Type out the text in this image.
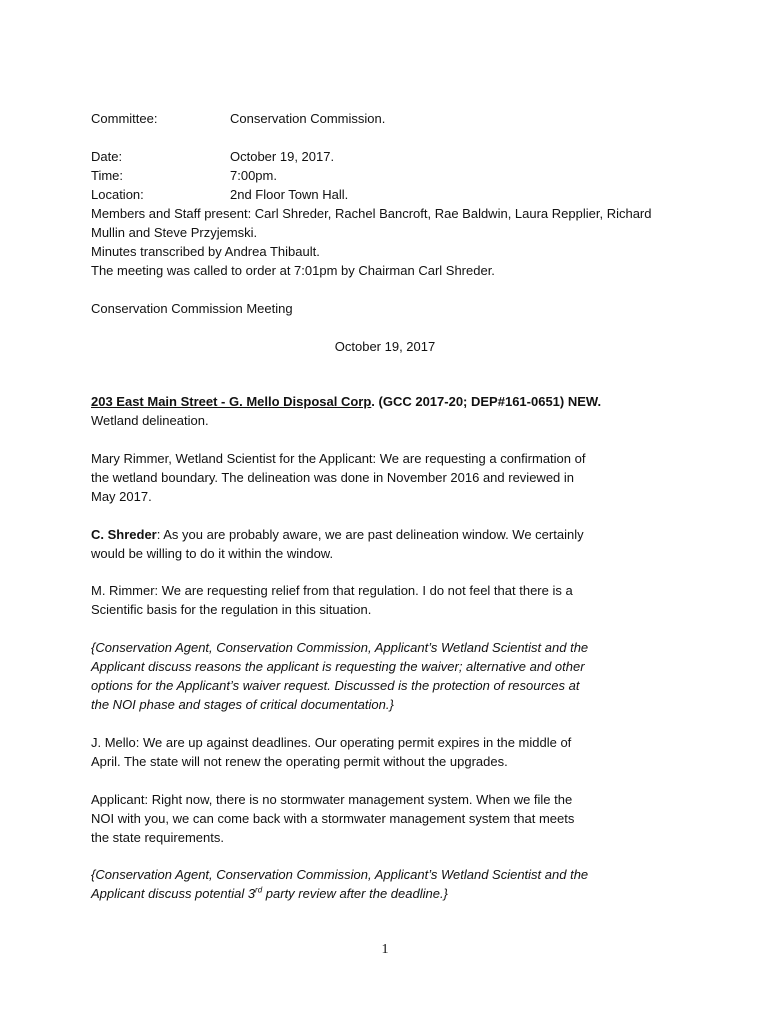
Committee:	Conservation Commission.
Date:	October 19, 2017.
Time:	7:00pm.
Location:	2nd Floor Town Hall.
Members and Staff present: Carl Shreder, Rachel Bancroft, Rae Baldwin, Laura Repplier, Richard
Mullin and Steve Przyjemski.
Minutes transcribed by Andrea Thibault.
The meeting was called to order at 7:01pm by Chairman Carl Shreder.
Conservation Commission Meeting
October 19, 2017
203 East Main Street - G. Mello Disposal Corp. (GCC 2017-20; DEP#161-0651) NEW.
Wetland delineation.
Mary Rimmer, Wetland Scientist for the Applicant: We are requesting a confirmation of
the wetland boundary. The delineation was done in November 2016 and reviewed in
May 2017.
C. Shreder: As you are probably aware, we are past delineation window. We certainly
would be willing to do it within the window.
M. Rimmer: We are requesting relief from that regulation. I do not feel that there is a
Scientific basis for the regulation in this situation.
{Conservation Agent, Conservation Commission, Applicant’s Wetland Scientist and the
Applicant discuss reasons the applicant is requesting the waiver; alternative and other
options for the Applicant’s waiver request. Discussed is the protection of resources at
the NOI phase and stages of critical documentation.}
J. Mello: We are up against deadlines. Our operating permit expires in the middle of
April. The state will not renew the operating permit without the upgrades.
Applicant: Right now, there is no stormwater management system. When we file the
NOI with you, we can come back with a stormwater management system that meets
the state requirements.
{Conservation Agent, Conservation Commission, Applicant’s Wetland Scientist and the
Applicant discuss potential 3rd party review after the deadline.}
1
